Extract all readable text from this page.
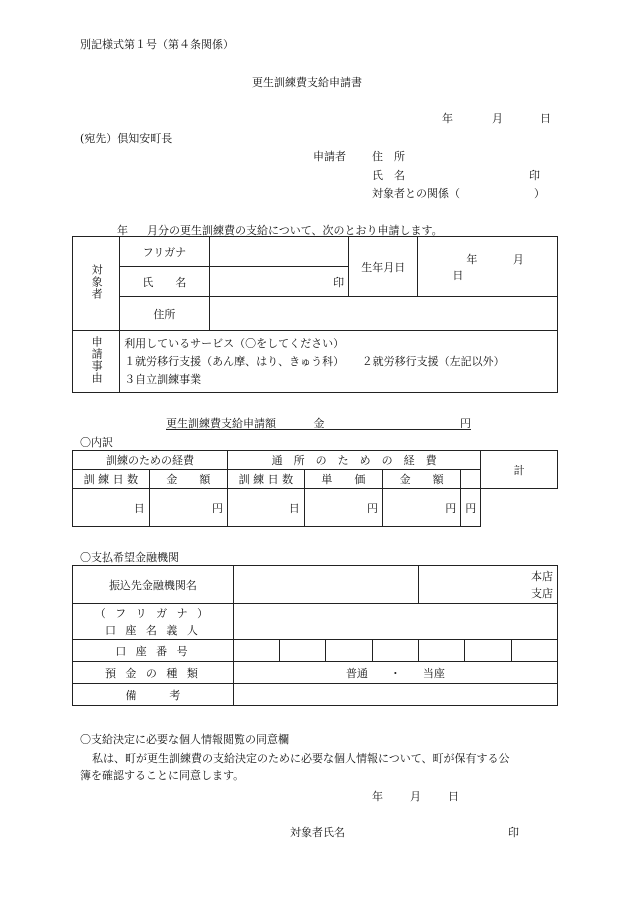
別記様式第１号（第４条関係）
更生訓練費支給申請書
年	月	日
(宛先）倶知安町長
申請者 住　所
氏　名	印
対象者との関係（	）
年 月分の更生訓練費の支給について、次のとおり申請します。
対象者	フリガナ		生年月日	年 月 日
	氏　　名	印		
	住所			
申請事由	利用しているサービス（〇をしてください）
１就労移行支援（あん摩、はり、きゅう科） ２就労移行支援（左記以外）
３自立訓練事業			
更生訓練費支給申請額	金	円
〇内訳
訓練のための経費		通　所　の　た　め　の　経　費				計
訓 練 日 数	金　　額	訓 練 日 数	単　　価	金　　額		
日	円	日	円	円	円	
〇支払希望金融機関
振込先金融機関名					本店
支店		

（ フ リ ガ ナ ）
口 座 名 義 人							

口 座 番 号							
預 金 の 種 類	普通　　・　　当座						
備　　　考							
〇支給決定に必要な個人情報閲覧の同意欄
私は、町が更生訓練費の支給決定のために必要な個人情報について、町が保有する公
簿を確認することに同意します。
年 月 日
対象者氏名	印
